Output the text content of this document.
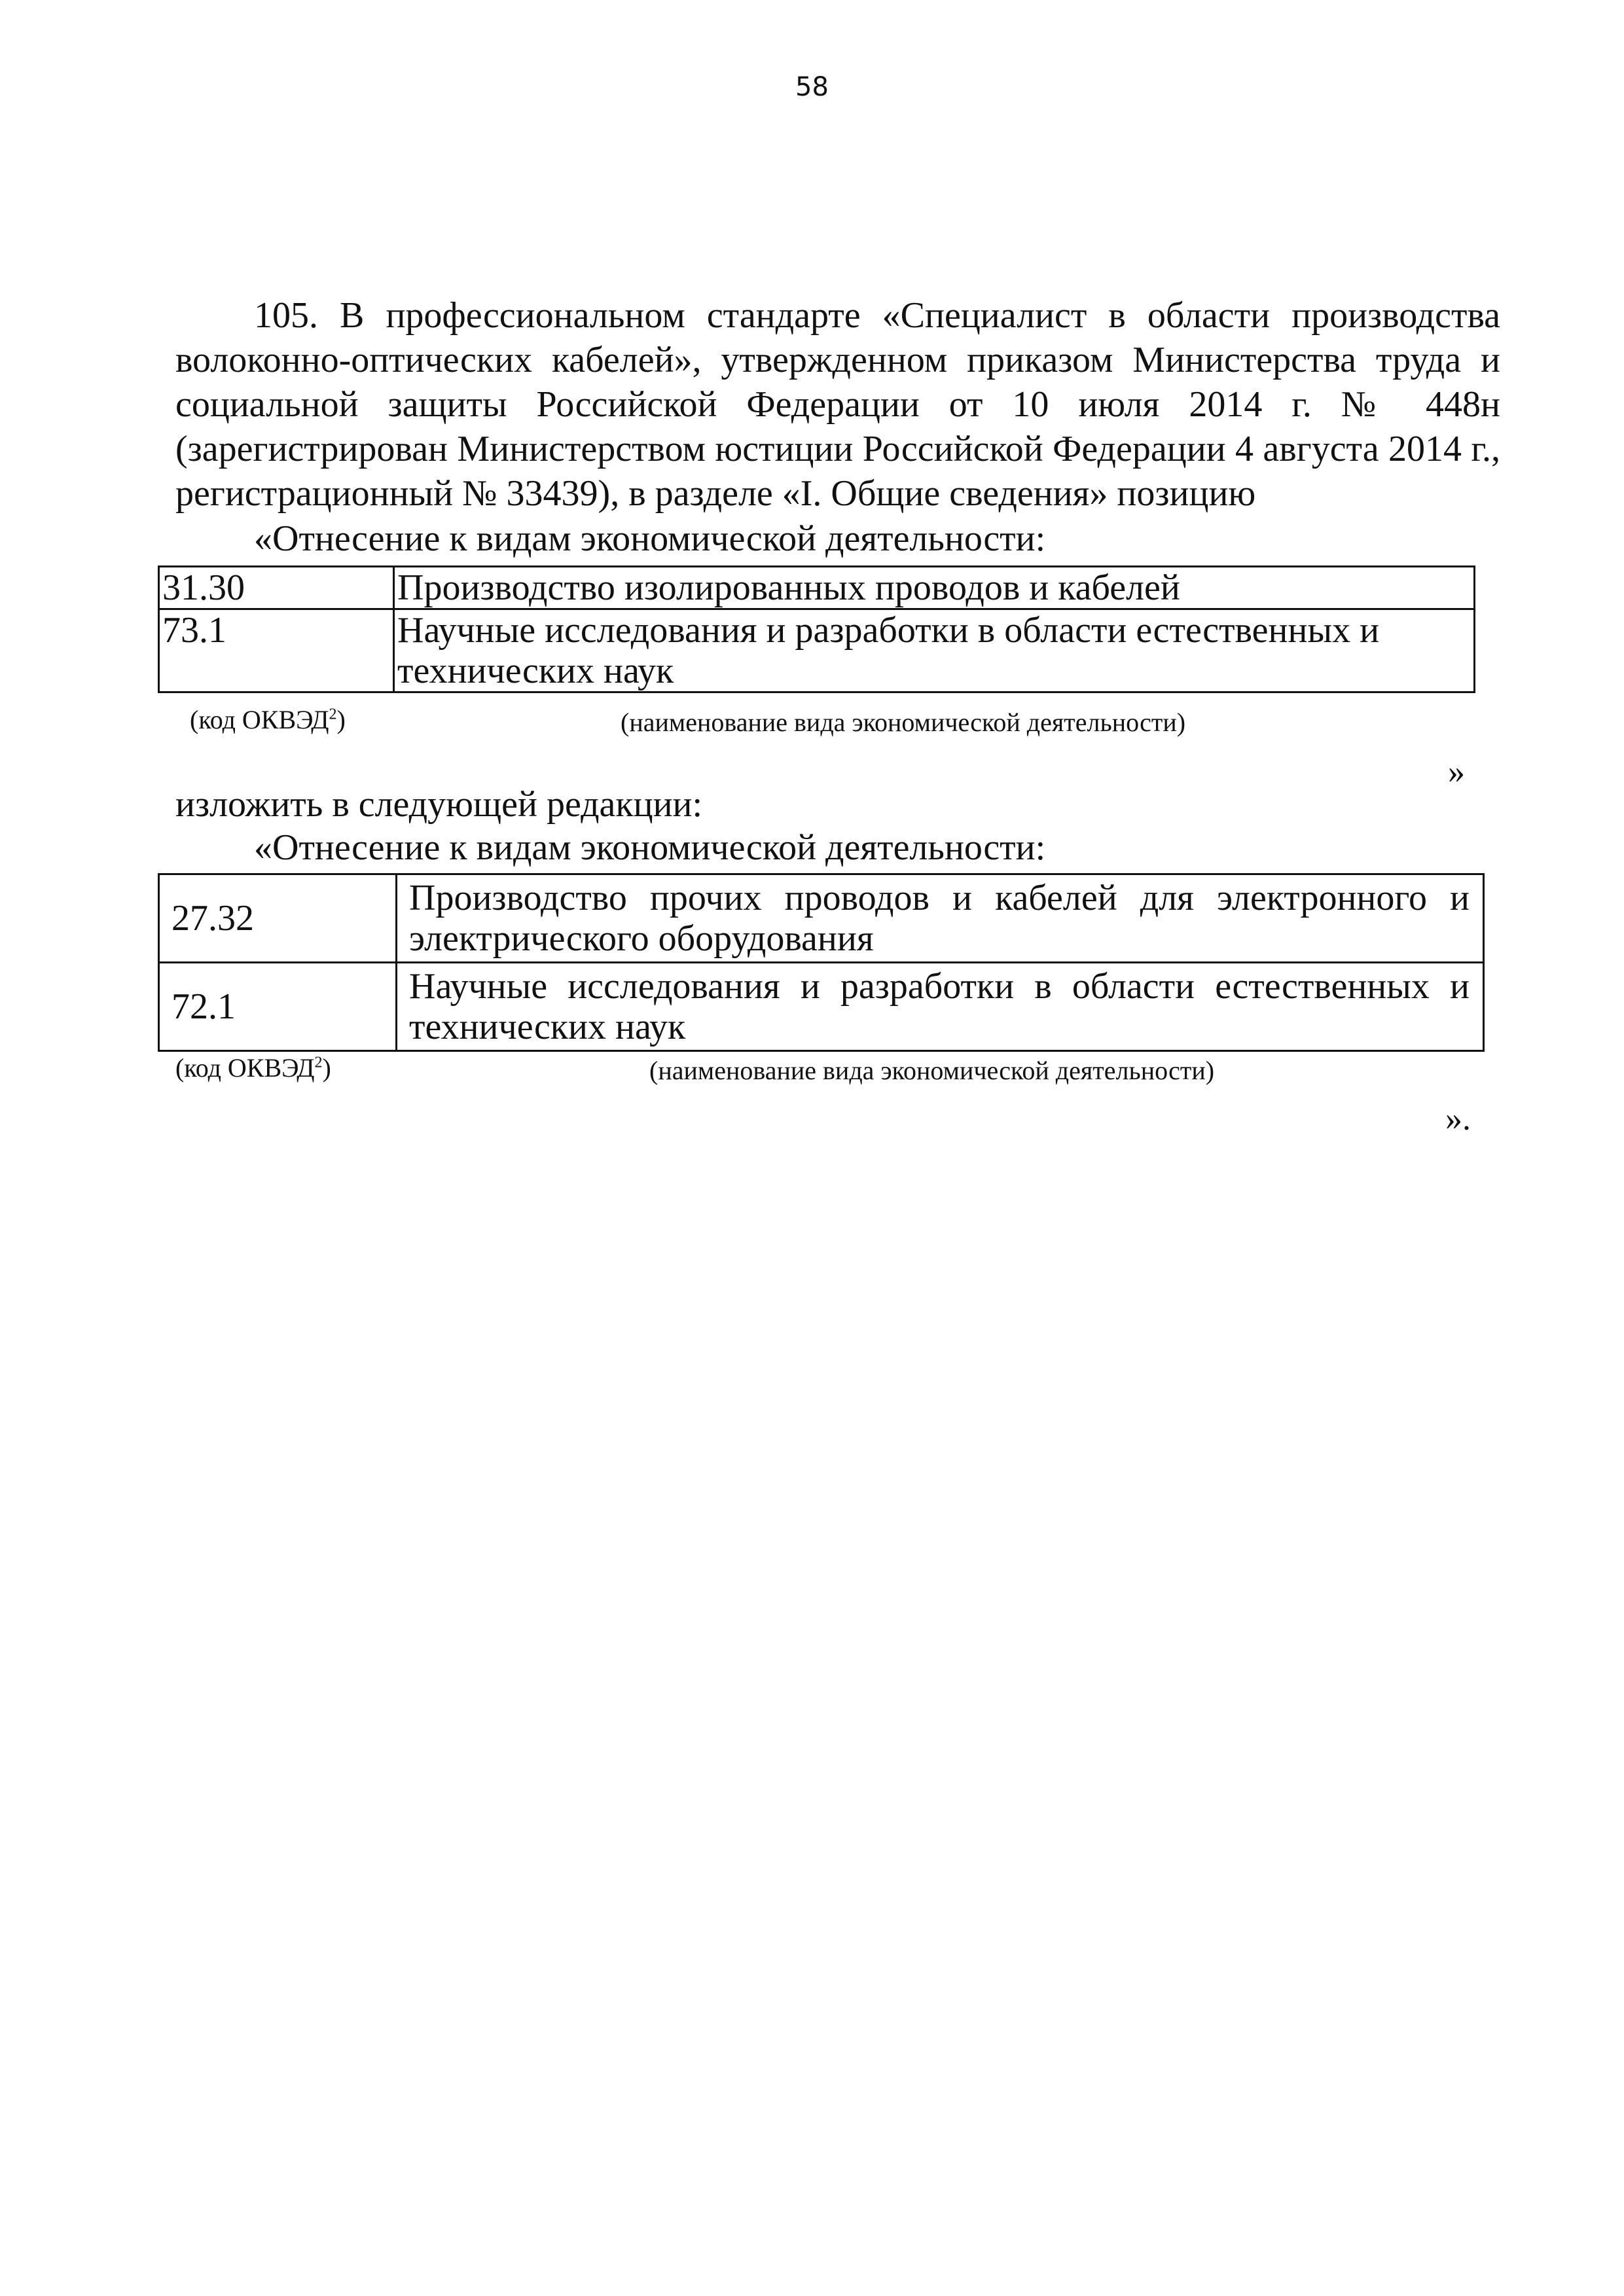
58

105. В профессиональном стандарте «Специалист в области производства волоконно-оптических кабелей», утвержденном приказом Министерства труда и социальной защиты Российской Федерации от 10 июля 2014 г. № 448н (зарегистрирован Министерством юстиции Российской Федерации 4 августа 2014 г., регистрационный № 33439), в разделе «I. Общие сведения» позицию

«Отнесение к видам экономической деятельности:
31.30	Производство изолированных проводов и кабелей
73.1	Научные исследования и разработки в области естественных и технических наук
(код ОКВЭД$^2$)	(наименование вида экономической деятельности)
»
изложить в следующей редакции:
«Отнесение к видам экономической деятельности:
27.32	Производство прочих проводов и кабелей для электронного и электрического оборудования
72.1	Научные исследования и разработки в области естественных и технических наук
(код ОКВЭД$^2$)	(наименование вида экономической деятельности)
».
